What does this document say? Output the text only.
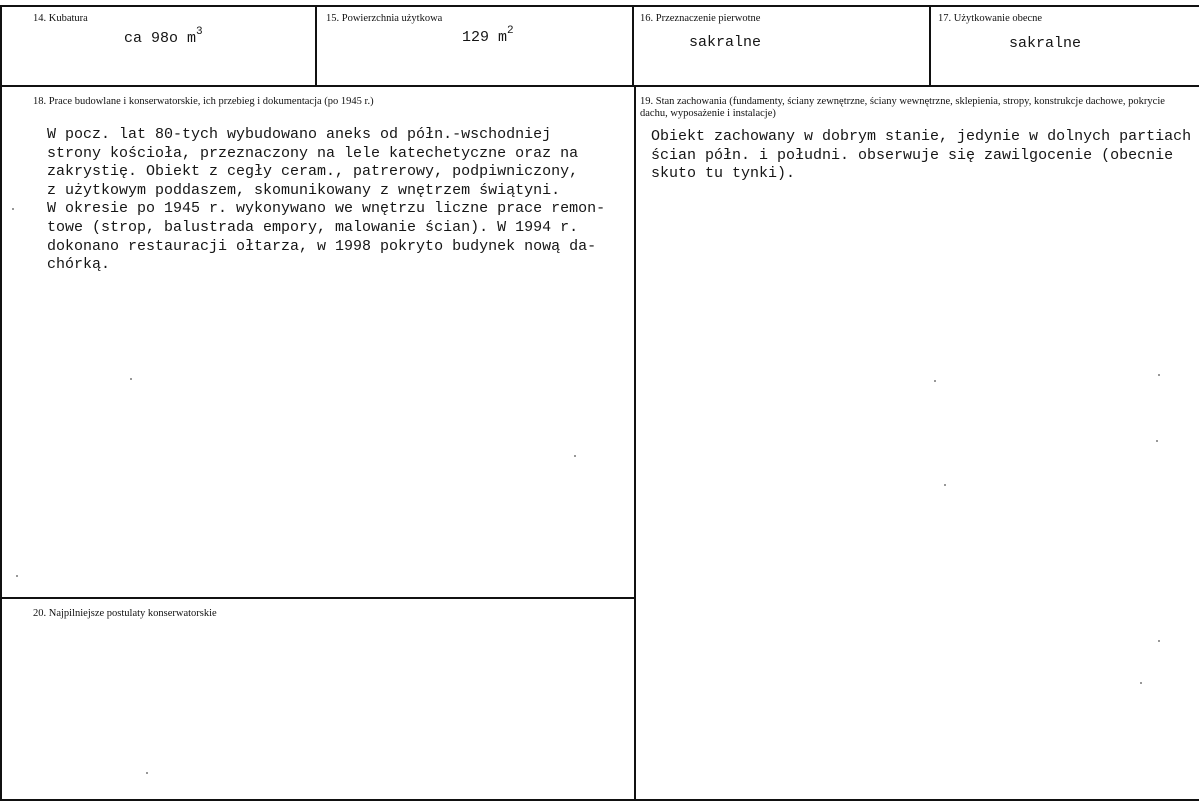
14. Kubatura
ca 98o $m^3$
15. Powierzchnia użytkowa
129 $m^2$
16. Przeznaczenie pierwotne
sakralne
17. Użytkowanie obecne
sakralne
18. Prace budowlane i konserwatorskie, ich przebieg i dokumentacja (po 1945 r.)
W pocz. lat 80-tych wybudowano aneks od półn.-wschodniej
strony kościoła, przeznaczony na lele katechetyczne oraz na
zakrystię. Obiekt z cegły ceram., patrerowy, podpiwniczony,
z użytkowym poddaszem, skomunikowany z wnętrzem świątyni.
W okresie po 1945 r. wykonywano we wnętrzu liczne prace remon-
towe (strop, balustrada empory, malowanie ścian). W 1994 r.
dokonano restauracji ołtarza, w 1998 pokryto budynek nową da-
chórką.
19. Stan zachowania (fundamenty, ściany zewnętrzne, ściany wewnętrzne, sklepienia, stropy, konstrukcje dachowe, pokrycie dachu, wyposażenie i instalacje)
Obiekt zachowany w dobrym stanie, jedynie w dolnych partiach
ścian półn. i południ. obserwuje się zawilgocenie (obecnie
skuto tu tynki).
20. Najpilniejsze postulaty konserwatorskie
